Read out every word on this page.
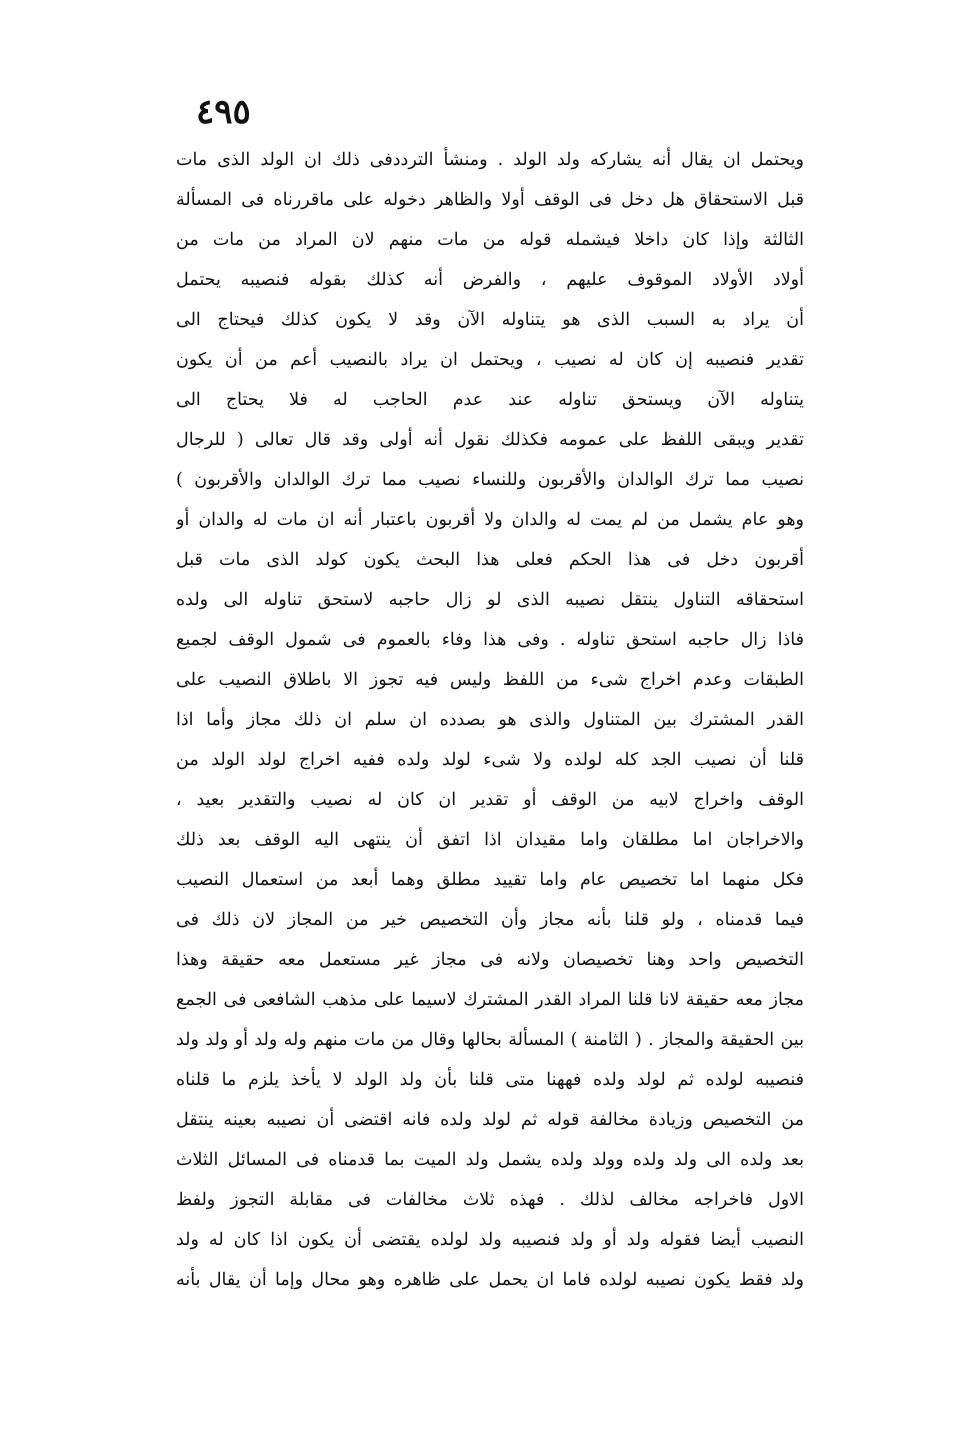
٤٩٥
ويحتمل ان يقال أنه يشاركه ولد الولد . ومنشأ الترددفى ذلك ان الولد الذى مات
قبل الاستحقاق هل دخل فى الوقف أولا والظاهر دخوله على ماقررناه فى المسألة
الثالثة وإذا كان داخلا فيشمله قوله من مات منهم لان المراد من مات من
أولاد الأولاد الموقوف عليهم ، والفرض أنه كذلك بقوله فنصيبه يحتمل
أن يراد به السبب الذى هو يتناوله الآن وقد لا يكون كذلك فيحتاج الى
تقدير فنصيبه إن كان له نصيب ، ويحتمل ان يراد بالنصيب أعم من أن يكون
يتناوله الآن ويستحق تناوله عند عدم الحاجب له فلا يحتاج الى
تقدير ويبقى اللفظ على عمومه فكذلك نقول أنه أولى وقد قال تعالى ( للرجال
نصيب مما ترك الوالدان والأقربون وللنساء نصيب مما ترك الوالدان والأقربون )
وهو عام يشمل من لم يمت له والدان ولا أقربون باعتبار أنه ان مات له والدان أو
أقربون دخل فى هذا الحكم فعلى هذا البحث يكون كولد الذى مات قبل
استحقاقه التناول ينتقل نصيبه الذى لو زال حاجبه لاستحق تناوله الى ولده
فاذا زال حاجبه استحق تناوله . وفى هذا وفاء بالعموم فى شمول الوقف لجميع
الطبقات وعدم اخراج شىء من اللفظ وليس فيه تجوز الا باطلاق النصيب على
القدر المشترك بين المتناول والذى هو بصدده ان سلم ان ذلك مجاز وأما اذا
قلنا أن نصيب الجد كله لولده ولا شىء لولد ولده ففيه اخراج لولد الولد من
الوقف واخراج لابيه من الوقف أو تقدير ان كان له نصيب والتقدير بعيد ،
والاخراجان اما مطلقان واما مقيدان اذا اتفق أن ينتهى اليه الوقف بعد ذلك
فكل منهما اما تخصيص عام واما تقييد مطلق وهما أبعد من استعمال النصيب
فيما قدمناه ، ولو قلنا بأنه مجاز وأن التخصيص خير من المجاز لان ذلك فى
التخصيص واحد وهنا تخصيصان ولانه فى مجاز غير مستعمل معه حقيقة وهذا
مجاز معه حقيقة لانا قلنا المراد القدر المشترك لاسيما على مذهب الشافعى فى الجمع
بين الحقيقة والمجاز . ( الثامنة ) المسألة بحالها وقال من مات منهم وله ولد أو ولد ولد
فنصيبه لولده ثم لولد ولده فههنا متى قلنا بأن ولد الولد لا يأخذ يلزم ما قلناه
من التخصيص وزيادة مخالفة قوله ثم لولد ولده فانه اقتضى أن نصيبه بعينه ينتقل
بعد ولده الى ولد ولده وولد ولده يشمل ولد الميت بما قدمناه فى المسائل الثلاث
الاول فاخراجه مخالف لذلك . فهذه ثلاث مخالفات فى مقابلة التجوز ولفظ
النصيب أيضا فقوله ولد أو ولد فنصيبه ولد لولده يقتضى أن يكون اذا كان له ولد
ولد فقط يكون نصيبه لولده فاما ان يحمل على ظاهره وهو محال وإما أن يقال بأنه
